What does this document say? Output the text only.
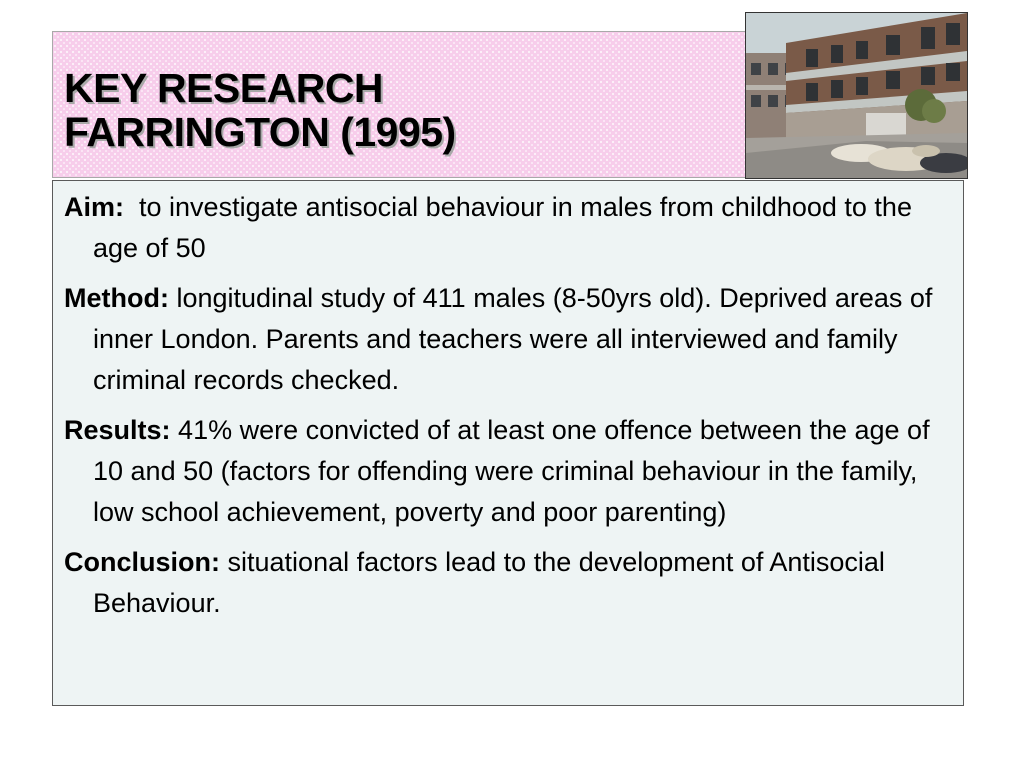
KEY RESEARCH
FARRINGTON (1995)

Aim: to investigate antisocial behaviour in males from childhood to the age of 50

Method: longitudinal study of 411 males (8-50yrs old). Deprived areas of inner London. Parents and teachers were all interviewed and family criminal records checked.

Results: 41% were convicted of at least one offence between the age of 10 and 50 (factors for offending were criminal behaviour in the family, low school achievement, poverty and poor parenting)

Conclusion: situational factors lead to the development of Antisocial Behaviour.
